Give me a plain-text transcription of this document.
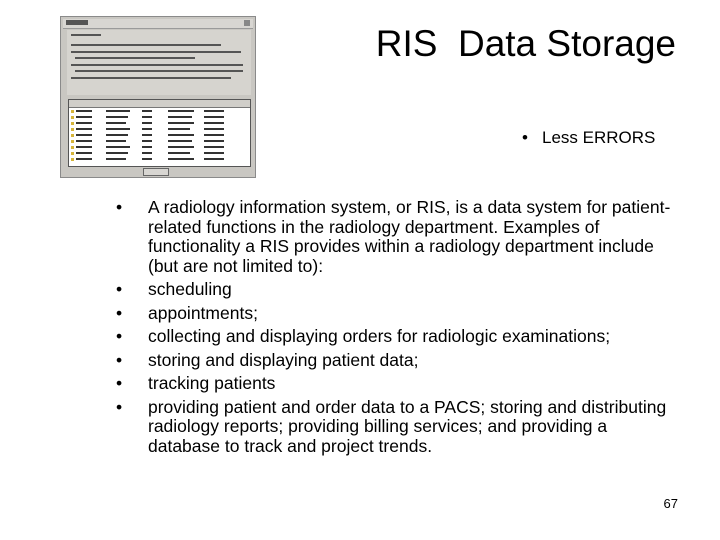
RIS  Data Storage
• Less ERRORS
• A radiology information system, or RIS, is a data system for patient-related functions in the radiology department. Examples of functionality a RIS provides within a radiology department include (but are not limited to):
• scheduling
• appointments;
• collecting and displaying orders for radiologic examinations;
• storing and displaying patient data;
• tracking patients
• providing patient and order data to a PACS; storing and distributing radiology reports; providing billing services; and providing a database to track and project trends.
67
